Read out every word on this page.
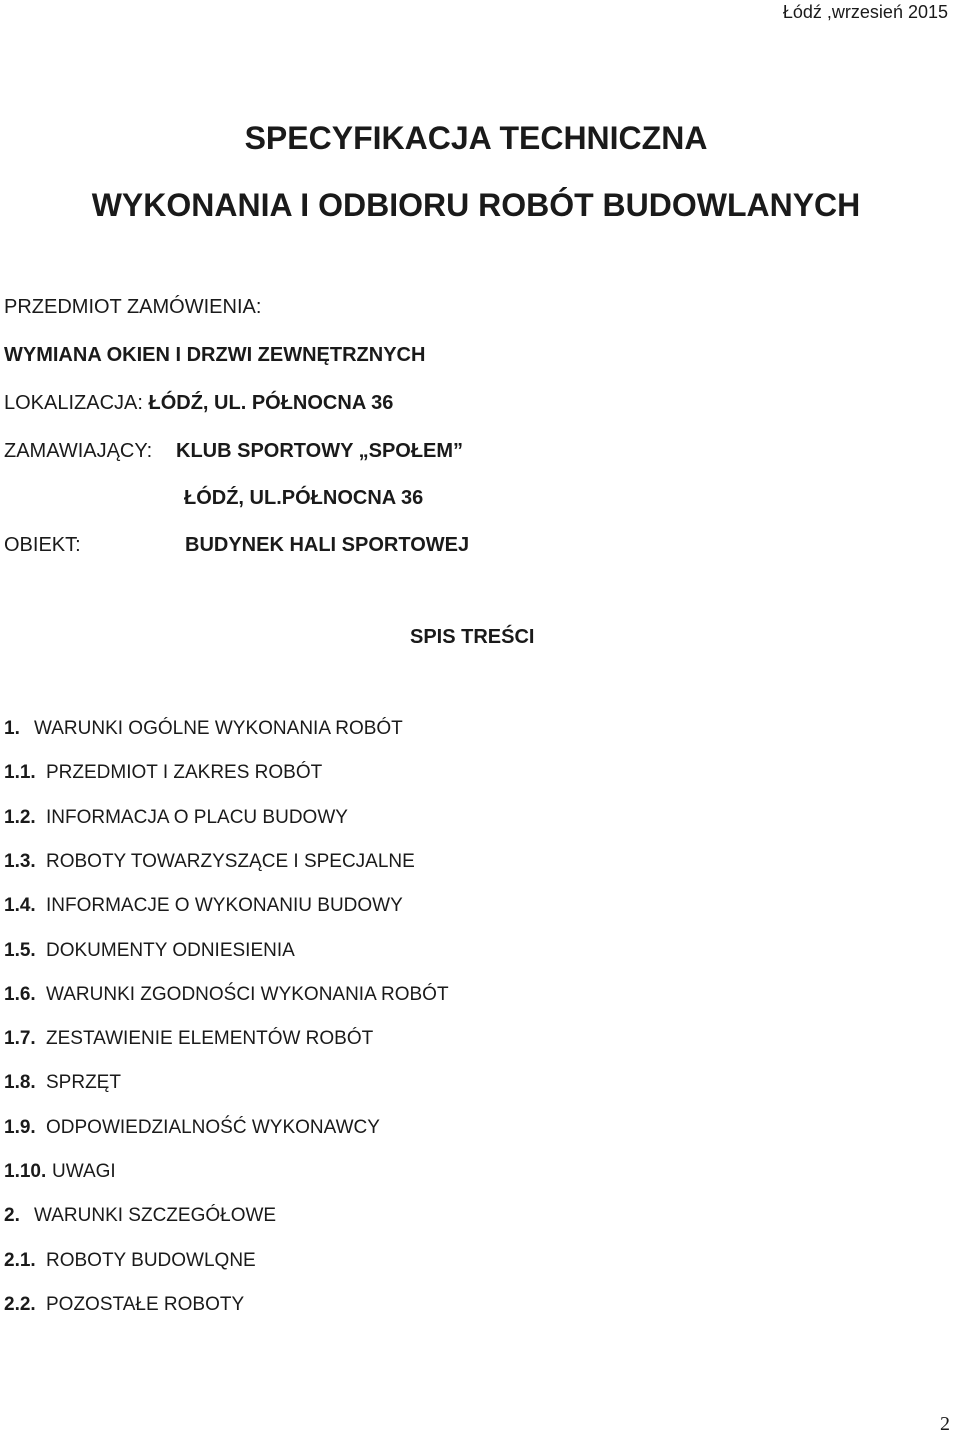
Łódź ,wrzesień 2015
SPECYFIKACJA TECHNICZNA
WYKONANIA I ODBIORU ROBÓT BUDOWLANYCH
PRZEDMIOT ZAMÓWIENIA:
WYMIANA OKIEN I DRZWI ZEWNĘTRZNYCH
LOKALIZACJA: ŁÓDŹ, UL. PÓŁNOCNA 36
ZAMAWIAJĄCY: KLUB SPORTOWY „SPOŁEM”
ŁÓDŹ, UL.PÓŁNOCNA 36
OBIEKT:	BUDYNEK HALI SPORTOWEJ
SPIS TREŚCI
1. WARUNKI OGÓLNE WYKONANIA ROBÓT
1.1. PRZEDMIOT I ZAKRES ROBÓT
1.2. INFORMACJA O PLACU BUDOWY
1.3. ROBOTY TOWARZYSZĄCE I SPECJALNE
1.4. INFORMACJE O WYKONANIU BUDOWY
1.5. DOKUMENTY ODNIESIENIA
1.6. WARUNKI ZGODNOŚCI WYKONANIA ROBÓT
1.7. ZESTAWIENIE ELEMENTÓW ROBÓT
1.8. SPRZĘT
1.9. ODPOWIEDZIALNOŚĆ WYKONAWCY
1.10. UWAGI
2. WARUNKI SZCZEGÓŁOWE
2.1. ROBOTY BUDOWLQNE
2.2. POZOSTAŁE ROBOTY
2
